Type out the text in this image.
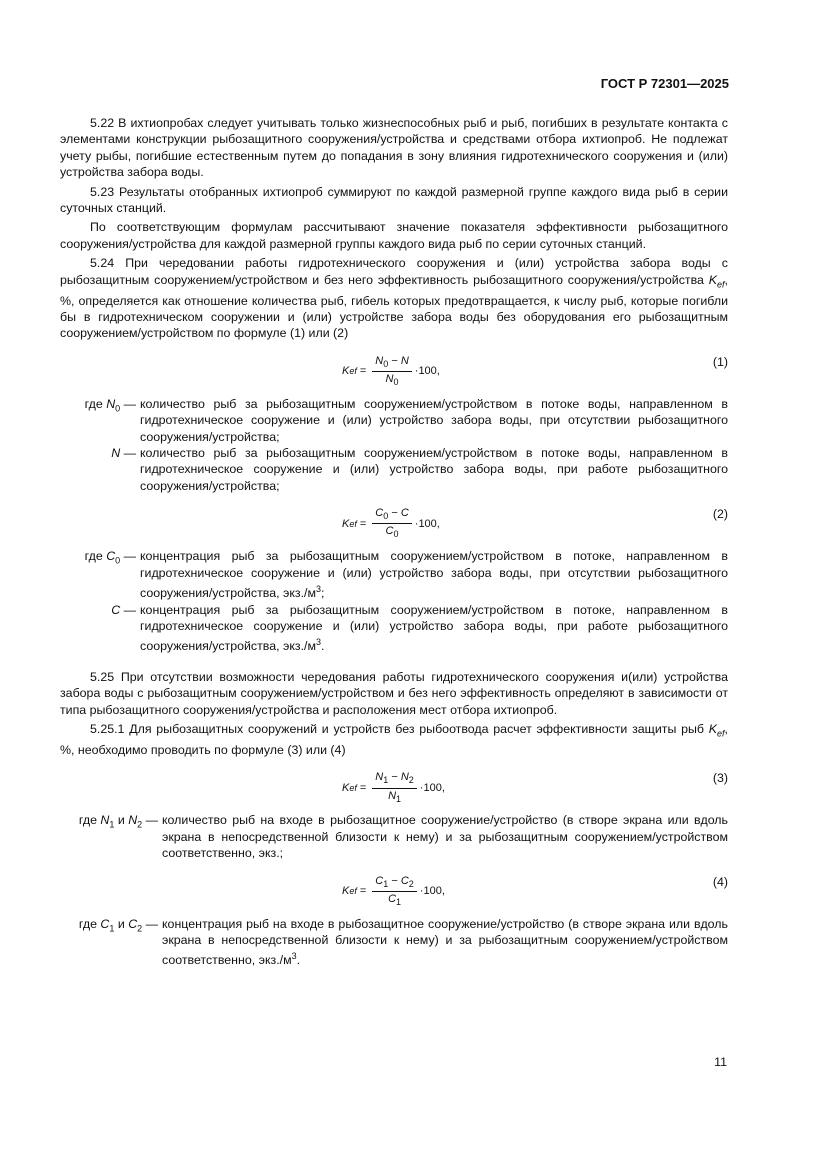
ГОСТ Р 72301—2025

5.22 В ихтиопробах следует учитывать только жизнеспособных рыб и рыб, погибших в результате контакта с элементами конструкции рыбозащитного сооружения/устройства и средствами отбора ихтиопроб. Не подлежат учету рыбы, погибшие естественным путем до попадания в зону влияния гидротехнического сооружения и (или) устройства забора воды.

5.23 Результаты отобранных ихтиопроб суммируют по каждой размерной группе каждого вида рыб в серии суточных станций.

По соответствующим формулам рассчитывают значение показателя эффективности рыбозащитного сооружения/устройства для каждой размерной группы каждого вида рыб по серии суточных станций.

5.24 При чередовании работы гидротехнического сооружения и (или) устройства забора воды с рыбозащитным сооружением/устройством и без него эффективность рыбозащитного сооружения/устройства $K_{ef}$, %, определяется как отношение количества рыб, гибель которых предотвращается, к числу рыб, которые погибли бы в гидротехническом сооружении и (или) устройстве забора воды без оборудования его рыбозащитным сооружением/устройством по формуле (1) или (2)

K ef = $\frac{N_0 - N}{N_0} \cdot 100$,
(1)
где $N_0$ — количество рыб за рыбозащитным сооружением/устройством в потоке воды, направленном в гидротехническое сооружение и (или) устройство забора воды, при отсутствии рыбозащитного сооружения/устройства;
N — количество рыб за рыбозащитным сооружением/устройством в потоке воды, направленном в гидротехническое сооружение и (или) устройство забора воды, при работе рыбозащитного сооружения/устройства;
K ef = $\frac{C_0 - C}{C_0} \cdot 100$,
(2)
где $C_0$ — концентрация рыб за рыбозащитным сооружением/устройством в потоке, направленном в гидротехническое сооружение и (или) устройство забора воды, при отсутствии рыбозащитного сооружения/устройства, $экз./м^3$;
C — концентрация рыб за рыбозащитным сооружением/устройством в потоке, направленном в гидротехническое сооружение и (или) устройство забора воды, при работе рыбозащитного сооружения/устройства, $экз./м^3$.

5.25 При отсутствии возможности чередования работы гидротехнического сооружения и(или) устройства забора воды с рыбозащитным сооружением/устройством и без него эффективность определяют в зависимости от типа рыбозащитного сооружения/устройства и расположения мест отбора ихтиопроб.

5.25.1 Для рыбозащитных сооружений и устройств без рыбоотвода расчет эффективности защиты рыб $K_{ef}$, %, необходимо проводить по формуле (3) или (4)

K ef = $\frac{N_1 - N_2}{N_1} \cdot 100$,
(3)
где $N_1$ и $N_2$ — количество рыб на входе в рыбозащитное сооружение/устройство (в створе экрана или вдоль экрана в непосредственной близости к нему) и за рыбозащитным сооружением/устройством соответственно, экз.;
K ef = $\frac{C_1 - C_2}{C_1} \cdot 100$,
(4)
где $C_1$ и $C_2$ — концентрация рыб на входе в рыбозащитное сооружение/устройство (в створе экрана или вдоль экрана в непосредственной близости к нему) и за рыбозащитным сооружением/устройством соответственно, $экз./м^3$.
11
